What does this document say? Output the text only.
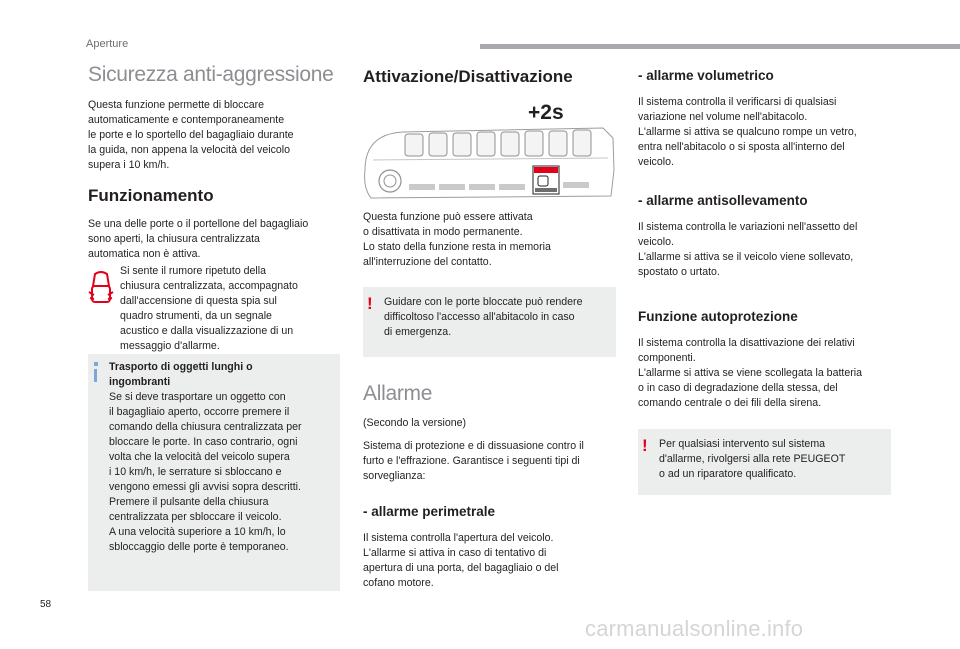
Aperture
Sicurezza anti-aggressione

Questa funzione permette di bloccare
automaticamente e contemporaneamente
le porte e lo sportello del bagagliaio durante
la guida, non appena la velocità del veicolo
supera i 10 km/h.

Funzionamento

Se una delle porte o il portellone del bagagliaio
sono aperti, la chiusura centralizzata
automatica non è attiva.

Si sente il rumore ripetuto della
chiusura centralizzata, accompagnato
dall'accensione di questa spia sul
quadro strumenti, da un segnale
acustico e dalla visualizzazione di un
messaggio d'allarme.

Trasporto di oggetti lunghi o
ingombranti

Se si deve trasportare un oggetto con
il bagagliaio aperto, occorre premere il
comando della chiusura centralizzata per
bloccare le porte. In caso contrario, ogni
volta che la velocità del veicolo supera
i 10 km/h, le serrature si sbloccano e
vengono emessi gli avvisi sopra descritti.
Premere il pulsante della chiusura
centralizzata per sbloccare il veicolo.
A una velocità superiore a 10 km/h, lo
sbloccaggio delle porte è temporaneo.

Attivazione/Disattivazione
+2s

Questa funzione può essere attivata
o disattivata in modo permanente.
Lo stato della funzione resta in memoria
all'interruzione del contatto.

! Guidare con le porte bloccate può rendere
difficoltoso l'accesso all'abitacolo in caso
di emergenza.

Allarme

(Secondo la versione)

Sistema di protezione e di dissuasione contro il
furto e l'effrazione. Garantisce i seguenti tipi di
sorveglianza:

- allarme perimetrale

Il sistema controlla l'apertura del veicolo.
L'allarme si attiva in caso di tentativo di
apertura di una porta, del bagagliaio o del
cofano motore.

- allarme volumetrico

Il sistema controlla il verificarsi di qualsiasi
variazione nel volume nell'abitacolo.
L'allarme si attiva se qualcuno rompe un vetro,
entra nell'abitacolo o si sposta all'interno del
veicolo.

- allarme antisollevamento

Il sistema controlla le variazioni nell'assetto del
veicolo.
L'allarme si attiva se il veicolo viene sollevato,
spostato o urtato.

Funzione autoprotezione

Il sistema controlla la disattivazione dei relativi
componenti.
L'allarme si attiva se viene scollegata la batteria
o in caso di degradazione della stessa, del
comando centrale o dei fili della sirena.

! Per qualsiasi intervento sul sistema
d'allarme, rivolgersi alla rete PEUGEOT
o ad un riparatore qualificato.

58
carmanualsonline.info
